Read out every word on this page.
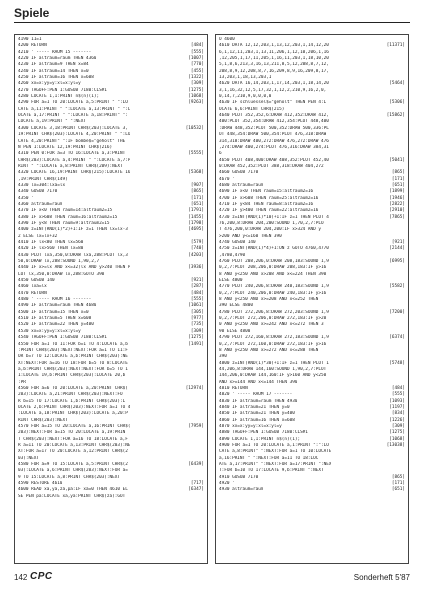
Spiele
4190 11=1
4200 RETURN	[484]
4210 ' ----- RAUM 15 -------	[555]
4220 IF altraum=raum THEN 4360	[1007]
4230 IF altraum=9 THEN x=84	[770]
4240 IF altraum=14 THEN x=0	[455]
4250 IF altraum=16 THEN x=608	[1322]
4260 xx=x:yy=y:xl=x:yl=y	[309]
4270 TAGOFF:PEN 1:GOSUB 7180:CLS#1	[1275]
4280 LOCATE 1,1:PRINT n$(n)(1);	[1068]
4290 FOR a=1 TO 20:LOCATE a,5:PRINT " ":LO	[9263]
CATE a,11:PRINT " ":LOCATE a,13:PRINT " ":L
OCATE a,17:PRINT " ":LOCATE a,18:PRINT" ":
LOCATE a,19:PRINT " ":NEXT
4300 LOCATE 3,18:PRINT CHR$(203):LOCATE 3,	[10532]
19:PRINT CHR$(203):LOCATE 4,20:PRINT " ":LO
CATE 4,20:PRINT" ":IF bombe$="geholt" THE
N PEN 1:LOCATE 12,19:PRINT CHR$(216)
4310 PEN 0:FOR a=3 TO 16:LOCATE a,3:PRINT	[5555]
CHR$(203):LOCATE a,4:PRINT " ":LOCATE a,7:P
RINT " ":LOCATE a,8:PRINT CHR$(209):NEXT
4320 LOCATE 16,19:PRINT CHR$(215):LOCATE 16	[5368]
,19:PRINT CHR$(149)
4330 lx=304:lxa=lx	[907]
4340 GOSUB 7170	[865]
4350 '	[171]
4360 altraum=raum	[651]
4370 IF x<0 THEN raum=14:altraum2=15	[1791]
4380 IF x>608 THEN raum=16:altraum2=15	[1455]
4390 IF y<8 THEN raum=9:altraum2=15	[1798]
4400 z=INT(RND(1)*2)+1:IF z=1 THEN lx=lx-3	[4695]
2 ELSE lx=lx+32
4410 IF lx<80 THEN lx=560	[579]
4420 IF lx>560 THEN lx=80	[740]
4430 PLOT lxa,350,0:DRAW lxa,288:PLOT lx,3	[4203]
50,0:DRAW lx,288:SOUND 1,90,2,7
4440 IF x>=lx AND x<=32)lx AND y>240 THEN P	[3936]
LOT lx,350,0:DRAW lx,288:GOTO 390
4450 GOSUB 140	[921]
4460 lxa=lx	[287]
4470 RETURN	[484]
4480 ' ----- RAUM 16 -------	[555]
4490 IF altraum=raum THEN 4680	[1061]
4500 IF altraum=15 THEN x=0	[305]
4510 IF altraum=5 THEN x=608	[977]
4520 IF altraum=22 THEN y=400	[735]
4530 xx=x:yy=y:xl=x:yl=y	[309]
4540 TAGOFF:PEN 1:GOSUB 7180:CLS#1	[1275]
4550 FOR a=1 TO 11:FOR b=1 TO 4:LOCATE a,b	[1491]
:PRINT CHR$(203):NEXT:NEXT:FOR a=1 TO 11:F
OR b=7 TO 12:LOCATE a,b:PRINT CHR$(203):NE
XT:NEXT:FOR a=16 TO 18:FOR b=5 TO 8:LOCATE
a,b:PRINT CHR$(203):NEXT:NEXT:FOR b=5 TO 1
1:LOCATE 19,b:PRINT CHR$(203):LOCATE 20,b
:PR
4560 FOR a=6 TO 20:LOCATE a,20:PRINT CHR$(	[12974]
203):LOCATE a,21:PRINT CHR$(203):NEXT:FO
R b=15 TO 17:LOCATE 1,b:PRINT CHR$(203):L
OCATE 2,b:PRINT CHR$(203):NEXT:FOR a=1 TO 4
:LOCATE a,18:PRINT CHR$(203):LOCATE a,20:P
RINT CHR$(203):NEXT
4570 FOR a=15 TO 20:LOCATE a,16:PRINT CHR$(	[7959]
203):NEXT:FOR a=15 TO 20:LOCATE a,19:PRIN
T CHR$(203):NEXT:FOR a=16 TO 18:LOCATE a,F
R a=11 TO 20:LOCATE a,13:PRINT CHR$(203):NE
XT:FOR a=17 TO 20:LOCATE a,12:PRINT CHR$(2
03):NEXT
4580 FOR a=9 TO 15:LOCATE a,5:PRINT CHR$(2	[6439]
03):LOCATE a,6:PRINT CHR$(203):NEXT:FOR a=
9 TO 15:LOCATE a,8:PRINT CHR$(203):NEXT
4590 RESTORE 4610	[717]
4600 READ xa,ya,za,pa:IF xa=0 THEN 4610 EL	[6347]
SE PEN pa:LOCATE xa,ya:PRINT CHR$(za):GOT
O 4600
4610 DATA 12,12,203,1,13,12,203,1,14,12,20	[11371]
6,1,12,11,203,1,13,11,206,1,12,10,206,1,16
,12,205,1,17,11,205,1,16,11,203,1,18,10,20
5,1,8,6,213,3,16,13,211,8,5,12,208,8,7,12,
208,8,9,12,208,8,7,16,209,8,9,16,209,8,17,
13,203,1,18,13,203,1
4620 DATA 16,14,203,1,17,14,203,1,18,14,20	[5464]
3,1,16,32,12,5,17,32,1,12,2,210,9,16,2,0,
0,14,7,210,9,0,0,0,0
4630 IF schluessel$="geholt" THEN PEN 4:L	[5306]
OCATE 6,6:PRINT CHR$(215)
4640 PLOT 352,352,6:DRAW 412,352:DRAW 412,	[15862]
400:PLOT 352,354:DRAW 412,354:PLOT 448,400
:DRAW 448,352:PLOT 500,352:DRAW 500,336:PL
OT 448,354:DRAW 500,354:PLOT 476,318:DRAW
314,318:DRAW 400,272:DRAW 476,272:DRAW 476
,274:DRAW 400,274:PLOT 476,316:DRAW 384,31
6
4650 PLOT 408,400:DRAW 408,352:PLOT 452,40	[5041]
0:DRAW 452,352:PLOT 388,318:DRAW 404,272
4660 GOSUB 7170	[865]
4670 '	[171]
4680 altraum=raum	[651]
4690 IF x<0 THEN raum=15:altraum2=16	[1899]
4700 IF x>608 THEN raum=25:altraum2=16	[1946]
4710 IF y<84 THEN raum=8:altraum2=16	[2822]
4720 IF y>400 THEN raum=22:altraum2=16	[2910]
4730 z=INT(RND(1)*10)+1:IF z=1 THEN PLOT 4	[7865]
76,200,8:DRAW 204,200:SOUND 1,70,2,7:PLO
T 476,200,0:DRAW 204,200:IF x>324 AND y
>200 AND y<=160 THEN 390
4740 GOSUB 140	[921]
4750 z=INT(RND(1)*4)+1:ON z GOTO 4760,4770	[2144]
,4780,4790
4760 PLOT 208,206,0:DRAW 208,183:SOUND 1,9	[6995]
0,2,7:PLOT 208,206,0:DRAW 208,183:IF y>16
8 AND y<250 AND x>208 AND x<=224 THEN 390
ELSE 4800
4770 PLOT 240,206,8:DRAW 240,183:SOUND 1,9	[5582]
0,2,7:PLOT 240,206,0:DRAW 240,183:IF y>16
8 AND y<250 AND x>=208 AND x<=252 THEN
390 ELSE 4800
4780 PLOT 272,206,8:DRAW 272,203:SOUND 1,9	[7200]
0,2,7:PLOT 272,206,0:DRAW 272,183:IF y>20
0 AND y<250 AND x>=242 AND x<=272 THEN 3
90 ELSE 4800
4790 PLOT 272,160,8:DRAW 272,183:SOUND 1,9	[6374]
0,2,7:PLOT 272,160,0:DRAW 272,183:IF y>16
8 AND y<250 AND x>=272 AND x<=288 THEN
390
4800 z=INT(RND(1)*30)+1:IF z=1 THEN PLOT 1	[5748]
44,206,8:DRAW 144,160:SOUND 1,90,2,7:PLOT
144,206,0:DRAW 144,160:IF y>160 AND y<250
AND x>=144 AND x<=144 THEN 390
4810 RETURN	[484]
4820 ' ----- RAUM 17 -------	[555]
4830 IF altraum=raum THEN 4930	[1093]
4840 IF altraum=21 THEN y=0	[1197]
4850 IF altraum=21 THEN y=400	[834]
4860 IF altraum=16 THEN x=608	[1226]
4870 xx=x:yy=y:xl=x:yl=y	[309]
4880 TAGOFF:PEN 1:GOSUB 7180:CLS#1	[1275]
4890 LOCATE 1,1:PRINT n$(n)(1);	[1068]
4900 FOR a=1 TO 20:LOCATE a,1:PRINT ":":LO	[13038]
CATE a,8:PRINT" ":NEXT:FOR a=1 TO 10:LOCATE
a,16:PRINT " ":NEXT:FOR a=11 TO 18:LOC
ATE a,17:PRINT" ":NEXT:FOR a=17:PRINT ":NEX
T:FOR b=10 TO 17:LOCATE 9,b:PRINT ":NEXT
4910 GOSUB 7170	[865]
4920 '	[171]
4930 altraum=raum	[651]
142 CPC	Sonderheft 5'87
